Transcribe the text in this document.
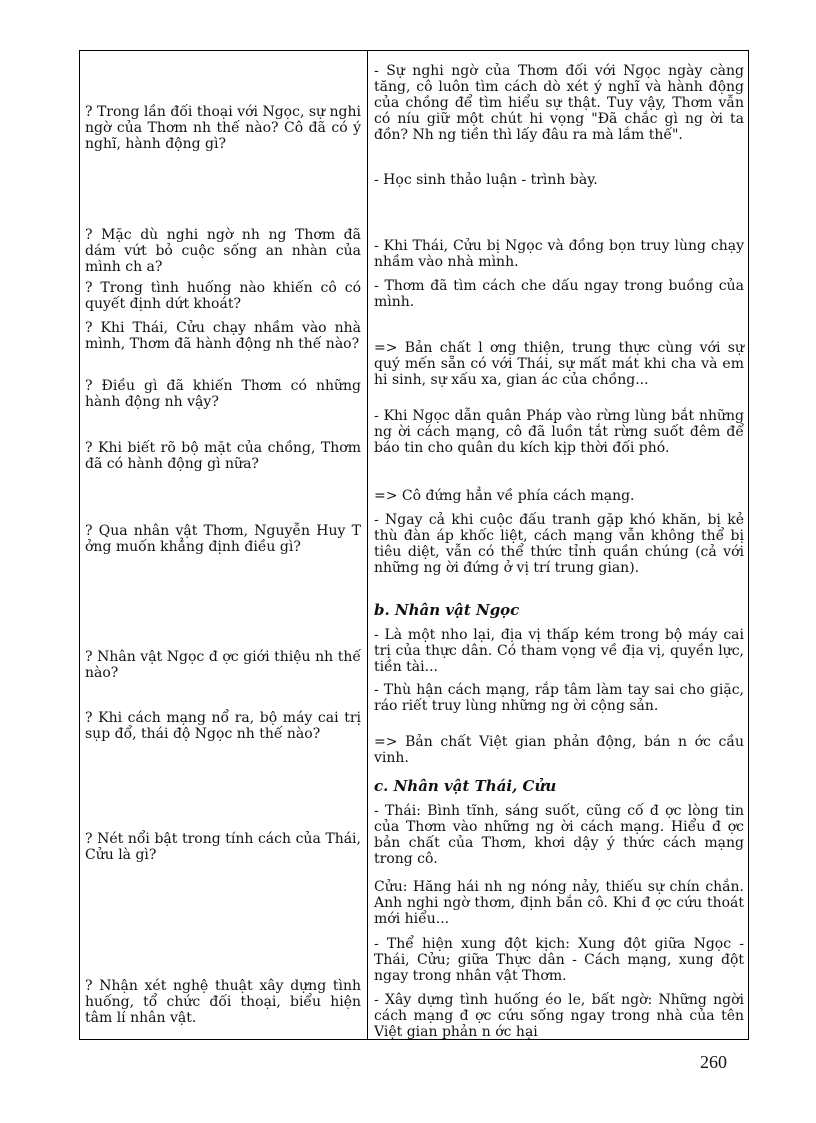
? Trong lần đối thoại với Ngọc, sự nghi ngờ của Thơm nh thế nào? Cô đã có ý nghĩ, hành động gì?

? Mặc dù nghi ngờ nh ng Thơm đã dám vứt bỏ cuộc sống an nhàn của mình ch a?

? Trong tình huống nào khiến cô có quyết định dứt khoát?

? Khi Thái, Cửu chạy nhầm vào nhà mình, Thơm đã hành động nh thế nào?

? Điều gì đã khiến Thơm có những hành động nh vậy?

? Khi biết rõ bộ mặt của chồng, Thơm đã có hành động gì nữa?

? Qua nhân vật Thơm, Nguyễn Huy T ởng muốn khẳng định điều gì?

? Nhân vật Ngọc đ ợc giới thiệu nh thế nào?

? Khi cách mạng nổ ra, bộ máy cai trị sụp đổ, thái độ Ngọc nh thế nào?

? Nét nổi bật trong tính cách của Thái, Cửu là gì?

? Nhận xét nghệ thuật xây dựng tình huống, tổ chức đối thoại, biểu hiện tâm lí nhân vật.

- Sự nghi ngờ của Thơm đối với Ngọc ngày càng tăng, cô luôn tìm cách dò xét ý nghĩ và hành động của chồng để tìm hiểu sự thật. Tuy vậy, Thơm vẫn có níu giữ một chút hi vọng "Đã chắc gì ng ời ta đồn? Nh ng tiền thì lấy đâu ra mà lắm thế".

- Học sinh thảo luận - trình bày.

- Khi Thái, Cửu bị Ngọc và đồng bọn truy lùng chạy nhầm vào nhà mình.

- Thơm đã tìm cách che dấu ngay trong buồng của mình.

=> Bản chất l ơng thiện, trung thực cùng với sự quý mến sẵn có với Thái, sự mất mát khi cha và em hi sinh, sự xấu xa, gian ác của chồng...

- Khi Ngọc dẫn quân Pháp vào rừng lùng bắt những ng ời cách mạng, cô đã luồn tắt rừng suốt đêm để báo tin cho quân du kích kịp thời đối phó.

=> Cô đứng hẳn về phía cách mạng.

- Ngay cả khi cuộc đấu tranh gặp khó khăn, bị kẻ thù đàn áp khốc liệt, cách mạng vẫn không thể bị tiêu diệt, vẫn có thể thức tỉnh quần chúng (cả với những ng ời đứng ở vị trí trung gian).

b. Nhân vật Ngọc

- Là một nho lại, địa vị thấp kém trong bộ máy cai trị của thực dân. Có tham vọng về địa vị, quyền lực, tiền tài...

- Thù hận cách mạng, rắp tâm làm tay sai cho giặc, ráo riết truy lùng những ng ời cộng sản.

=> Bản chất Việt gian phản động, bán n ớc cầu vinh.

c. Nhân vật Thái, Cửu

- Thái: Bình tĩnh, sáng suốt, cũng cố đ ợc lòng tin của Thơm vào những ng ời cách mạng. Hiểu đ ợc bản chất của Thơm, khơi dậy ý thức cách mạng trong cô.

Cửu: Hăng hái nh ng nóng nảy, thiếu sự chín chắn. Anh nghi ngờ thơm, định bắn cô. Khi đ ợc cứu thoát mới hiểu...

- Thể hiện xung đột kịch: Xung đột giữa Ngọc - Thái, Cửu; giữa Thực dân - Cách mạng, xung đột ngay trong nhân vật Thơm.

- Xây dựng tình huống éo le, bất ngờ: Những ngời cách mạng đ ợc cứu sống ngay trong nhà của tên Việt gian phản n ớc hại

260
